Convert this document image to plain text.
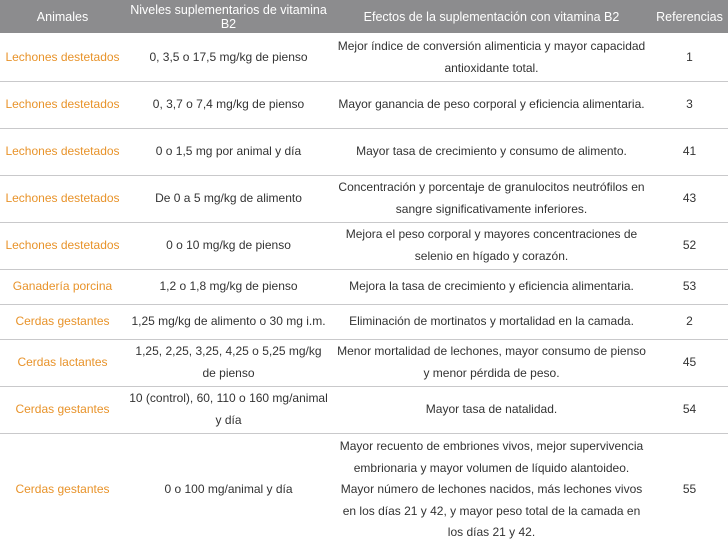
Animales	Niveles suplementarios de vitamina B2	Efectos de la suplementación con vitamina B2	Referencias
Lechones destetados	0, 3,5 o 17,5 mg/kg de pienso	Mejor índice de conversión alimenticia y mayor capacidad antioxidante total.	1
Lechones destetados	0, 3,7 o 7,4 mg/kg de pienso	Mayor ganancia de peso corporal y eficiencia alimentaria.	3
Lechones destetados	0 o 1,5 mg por animal y día	Mayor tasa de crecimiento y consumo de alimento.	41
Lechones destetados	De 0 a 5 mg/kg de alimento	Concentración y porcentaje de granulocitos neutrófilos en sangre significativamente inferiores.	43
Lechones destetados	0 o 10 mg/kg de pienso	Mejora el peso corporal y mayores concentraciones de selenio en hígado y corazón.	52
Ganadería porcina	1,2 o 1,8 mg/kg de pienso	Mejora la tasa de crecimiento y eficiencia alimentaria.	53
Cerdas gestantes	1,25 mg/kg de alimento o 30 mg i.m.	Eliminación de mortinatos y mortalidad en la camada.	2
Cerdas lactantes	1,25, 2,25, 3,25, 4,25 o 5,25 mg/kg de pienso	Menor mortalidad de lechones, mayor consumo de pienso y menor pérdida de peso.	45
Cerdas gestantes	10 (control), 60, 110 o 160 mg/animal y día	Mayor tasa de natalidad.	54
Cerdas gestantes	0 o 100 mg/animal y día	Mayor recuento de embriones vivos, mejor supervivencia embrionaria y mayor volumen de líquido alantoideo. Mayor número de lechones nacidos, más lechones vivos en los días 21 y 42, y mayor peso total de la camada en los días 21 y 42.	55
